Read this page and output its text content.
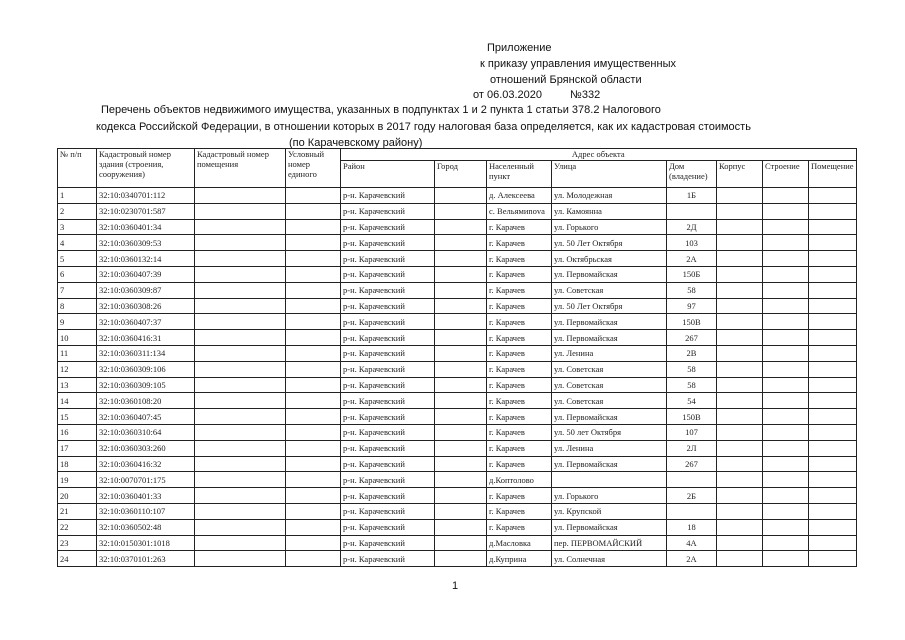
Приложение
к приказу управления имущественных
отношений Брянской области
от 06.03.2020	№332
Перечень объектов недвижимого имущества, указанных в подпунктах 1 и 2 пункта 1 статьи 378.2 Налогового
кодекса Российской Федерации, в отношении которых в 2017 году налоговая база определяется, как их кадастровая стоимость
(по Карачевскому району)
№ п/п	Кадастровый номер здания (строения, сооружения)	Кадастровый номер помещения	Условный номер единого	Адрес объекта							
				Район	Город	Населенный пункт	Улица	Дом (владение)	Корпус	Строение	Помещение
1	32:10:0340701:112			р-н. Карачевский		д. Алексеева	ул. Молодежная	1Б			
2	32:10:0230701:587			р-н. Карачевский		с. Вельямиnova	ул. Камоянна				
3	32:10:0360401:34			р-н. Карачевский		г. Карачев	ул. Горького	2Д			
4	32:10:0360309:53			р-н. Карачевский		г. Карачев	ул. 50 Лет Октября	103			
5	32:10:0360132:14			р-н. Карачевский		г. Карачев	ул. Октябрьская	2А			
6	32:10:0360407:39			р-н. Карачевский		г. Карачев	ул. Первомайская	150Б			
7	32:10:0360309:87			р-н. Карачевский		г. Карачев	ул. Советская	58			
8	32:10:0360308:26			р-н. Карачевский		г. Карачев	ул. 50 Лет Октября	97			
9	32:10:0360407:37			р-н. Карачевский		г. Карачев	ул. Первомайская	150В			
10	32:10:0360416:31			р-н. Карачевский		г. Карачев	ул. Первомайская	267			
11	32:10:0360311:134			р-н. Карачевский		г. Карачев	ул. Ленина	2В			
12	32:10:0360309:106			р-н. Карачевский		г. Карачев	ул. Советская	58			
13	32:10:0360309:105			р-н. Карачевский		г. Карачев	ул. Советская	58			
14	32:10:0360108:20			р-н. Карачевский		г. Карачев	ул. Советская	54			
15	32:10:0360407:45			р-н. Карачевский		г. Карачев	ул. Первомайская	150В			
16	32:10:0360310:64			р-н. Карачевский		г. Карачев	ул. 50 лет Октября	107			
17	32:10:0360303:260			р-н. Карачевский		г. Карачев	ул. Ленина	2Л			
18	32:10:0360416:32			р-н. Карачевский		г. Карачев	ул. Первомайская	267			
19	32:10:0070701:175			р-н. Карачевский		д.Коптолово					
20	32:10:0360401:33			р-н. Карачевский		г. Карачев	ул. Горького	2Б			
21	32:10:0360110:107			р-н. Карачевский		г. Карачев	ул. Крупской				
22	32:10:0360502:48			р-н. Карачевский		г. Карачев	ул. Первомайская	18			
23	32:10:0150301:1018			р-н. Карачевский		д.Масловка	пер. ПЕРВОМАЙСКИЙ	4А			
24	32:10:0370101:263			р-н. Карачевский		д.Куприна	ул. Солнечная	2А			
1
